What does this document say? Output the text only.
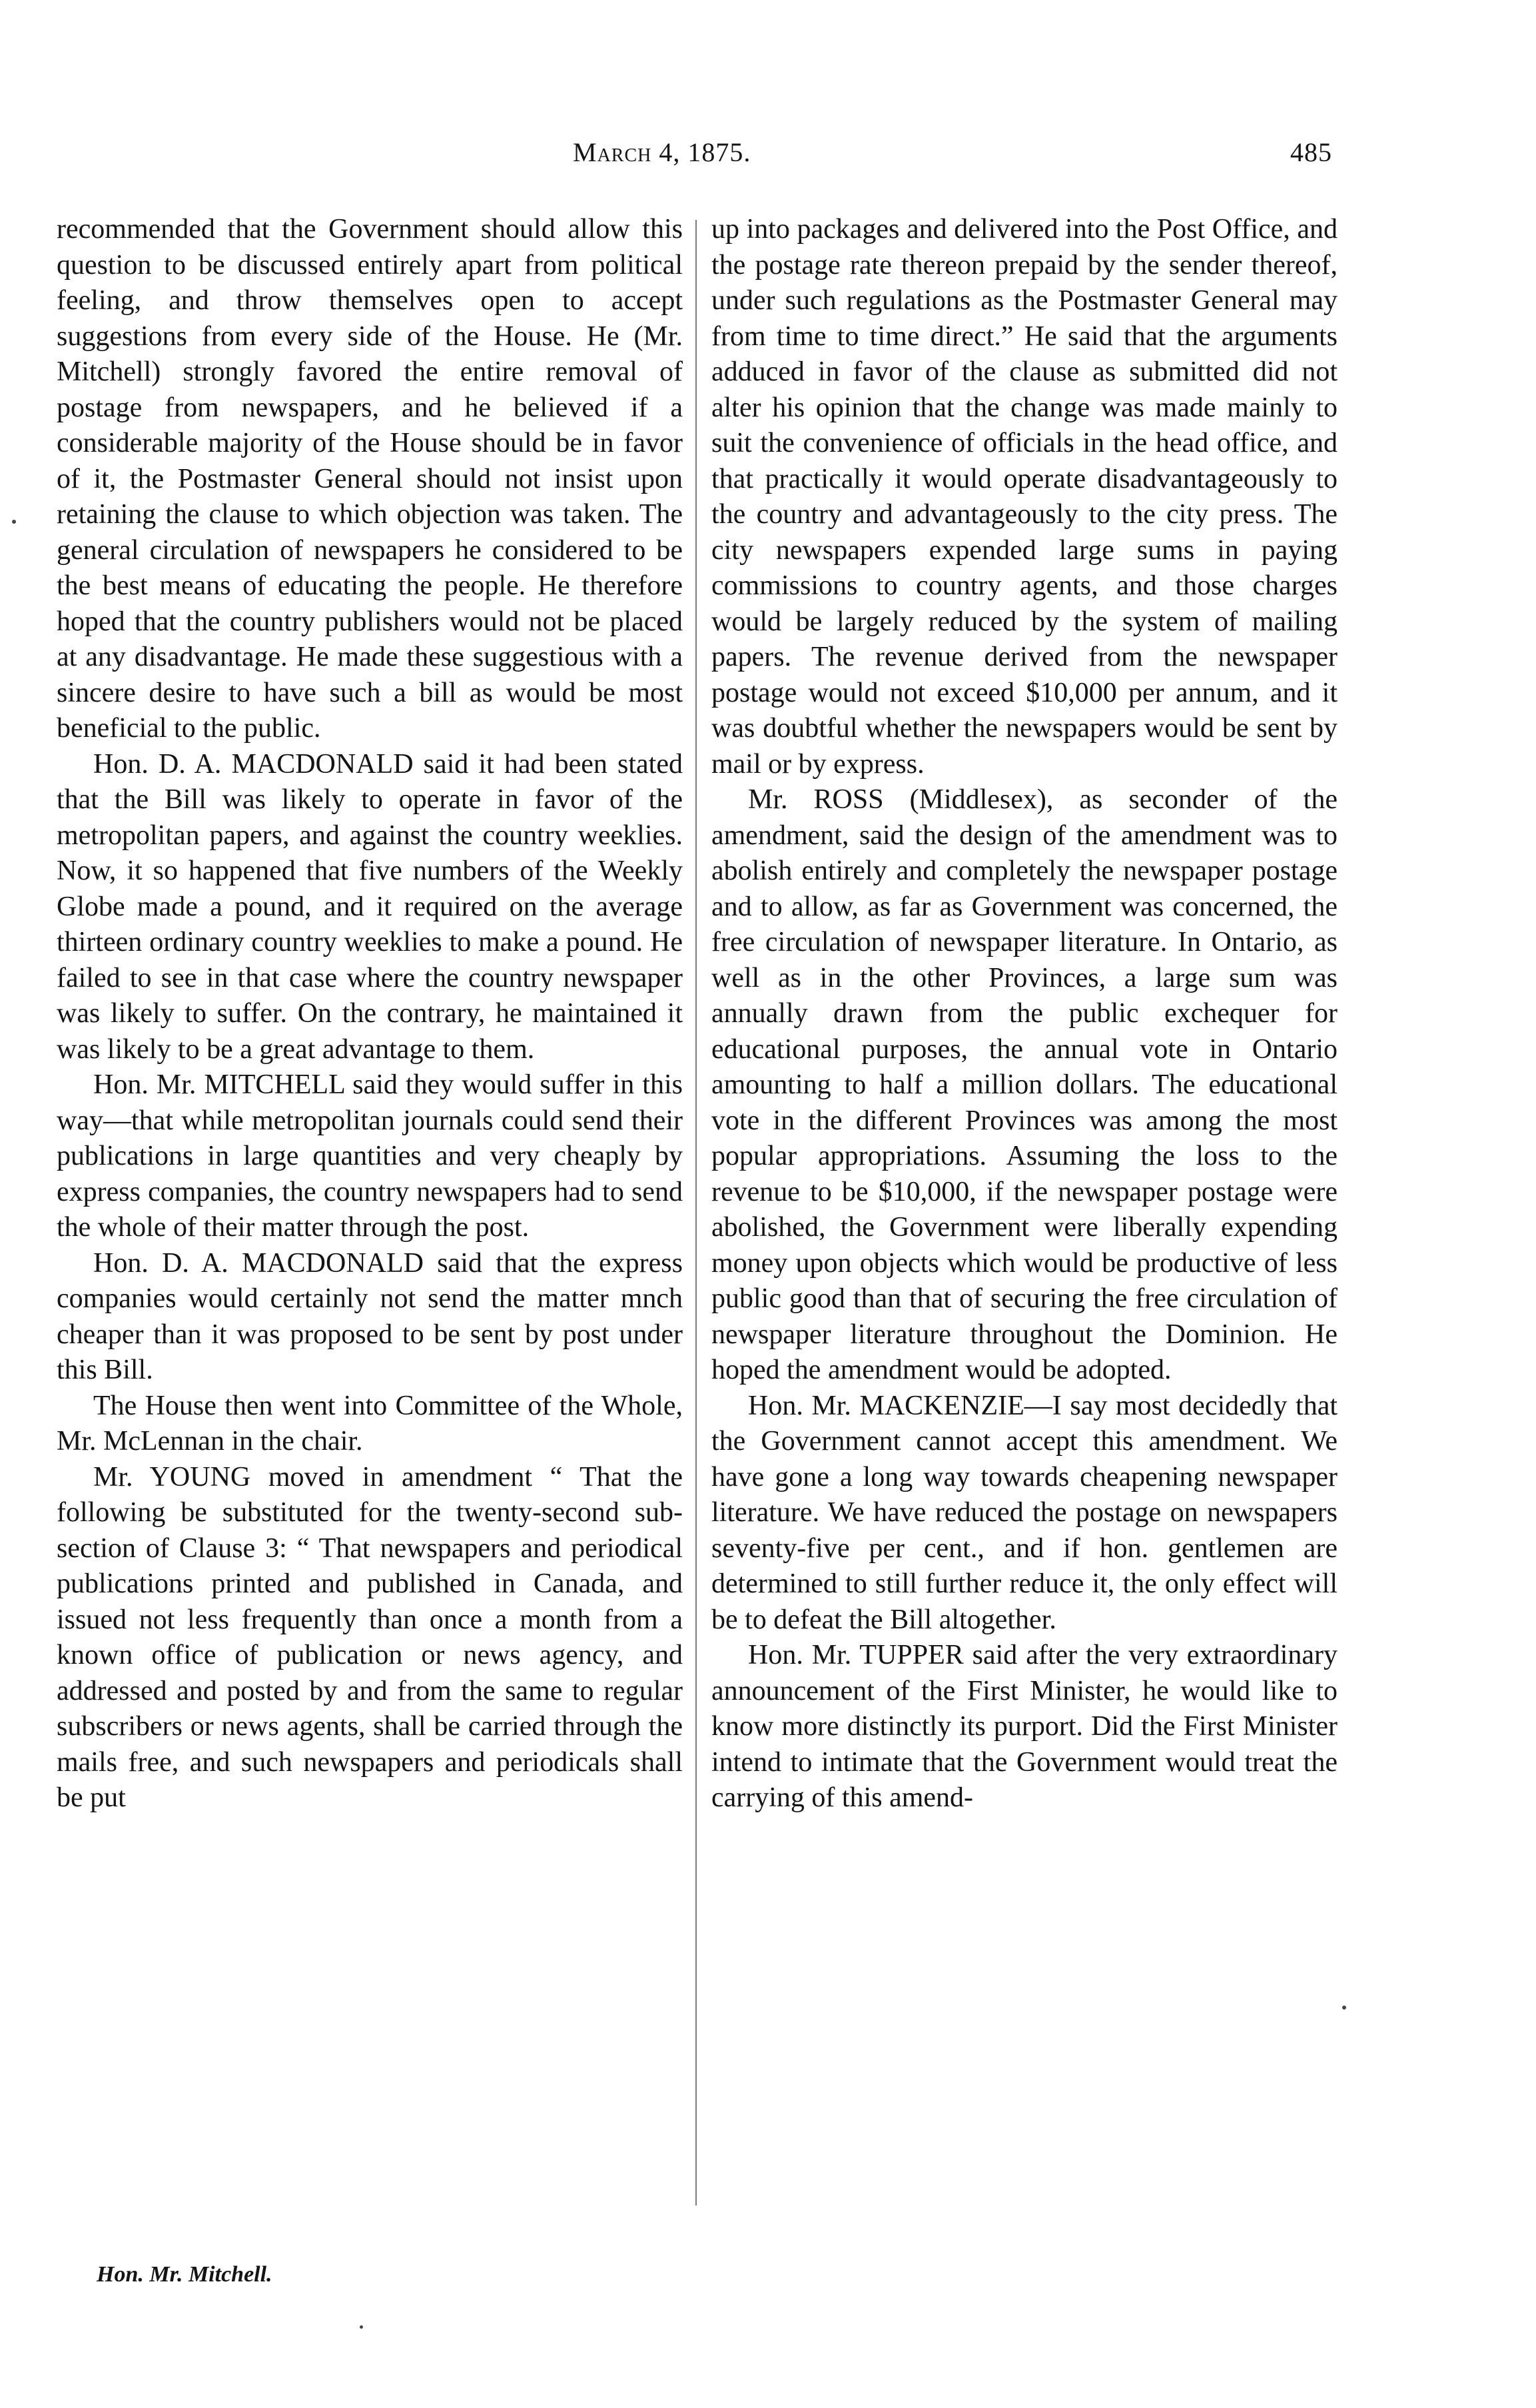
March 4, 1875.	485

recommended that the Government should allow this question to be discussed entirely apart from political feeling, and throw themselves open to accept suggestions from every side of the House. He (Mr. Mitchell) strongly favored the entire removal of postage from newspapers, and he believed if a considerable majority of the House should be in favor of it, the Postmaster General should not insist upon retaining the clause to which objection was taken. The general circulation of newspapers he considered to be the best means of educating the people. He therefore hoped that the country publishers would not be placed at any disadvantage. He made these suggestious with a sincere desire to have such a bill as would be most beneficial to the public.

Hon. D. A. MACDONALD said it had been stated that the Bill was likely to operate in favor of the metropolitan papers, and against the country weeklies. Now, it so happened that five numbers of the Weekly Globe made a pound, and it required on the average thirteen ordinary country weeklies to make a pound. He failed to see in that case where the country newspaper was likely to suffer. On the contrary, he maintained it was likely to be a great advantage to them.

Hon. Mr. MITCHELL said they would suffer in this way—that while metropolitan journals could send their publications in large quantities and very cheaply by express companies, the country newspapers had to send the whole of their matter through the post.

Hon. D. A. MACDONALD said that the express companies would certainly not send the matter mnch cheaper than it was proposed to be sent by post under this Bill.

The House then went into Committee of the Whole, Mr. McLennan in the chair.

Mr. YOUNG moved in amendment “ That the following be substituted for the twenty-second sub-section of Clause 3: “ That newspapers and periodical publications printed and published in Canada, and issued not less frequently than once a month from a known office of publication or news agency, and addressed and posted by and from the same to regular subscribers or news agents, shall be carried through the mails free, and such newspapers and periodicals shall be put

up into packages and delivered into the Post Office, and the postage rate thereon prepaid by the sender thereof, under such regulations as the Postmaster General may from time to time direct.” He said that the arguments adduced in favor of the clause as submitted did not alter his opinion that the change was made mainly to suit the convenience of officials in the head office, and that practically it would operate disadvantageously to the country and advantageously to the city press. The city newspapers expended large sums in paying commissions to country agents, and those charges would be largely reduced by the system of mailing papers. The revenue derived from the newspaper postage would not exceed $10,000 per annum, and it was doubtful whether the newspapers would be sent by mail or by express.

Mr. ROSS (Middlesex), as seconder of the amendment, said the design of the amendment was to abolish entirely and completely the newspaper postage and to allow, as far as Government was concerned, the free circulation of newspaper literature. In Ontario, as well as in the other Provinces, a large sum was annually drawn from the public exchequer for educational purposes, the annual vote in Ontario amounting to half a million dollars. The educational vote in the different Provinces was among the most popular appropriations. Assuming the loss to the revenue to be $10,000, if the newspaper postage were abolished, the Government were liberally expending money upon objects which would be productive of less public good than that of securing the free circulation of newspaper literature throughout the Dominion. He hoped the amendment would be adopted.

Hon. Mr. MACKENZIE—I say most decidedly that the Government cannot accept this amendment. We have gone a long way towards cheapening newspaper literature. We have reduced the postage on newspapers seventy-five per cent., and if hon. gentlemen are determined to still further reduce it, the only effect will be to defeat the Bill altogether.

Hon. Mr. TUPPER said after the very extraordinary announcement of the First Minister, he would like to know more distinctly its purport. Did the First Minister intend to intimate that the Government would treat the carrying of this amend-

Hon. Mr. Mitchell.
